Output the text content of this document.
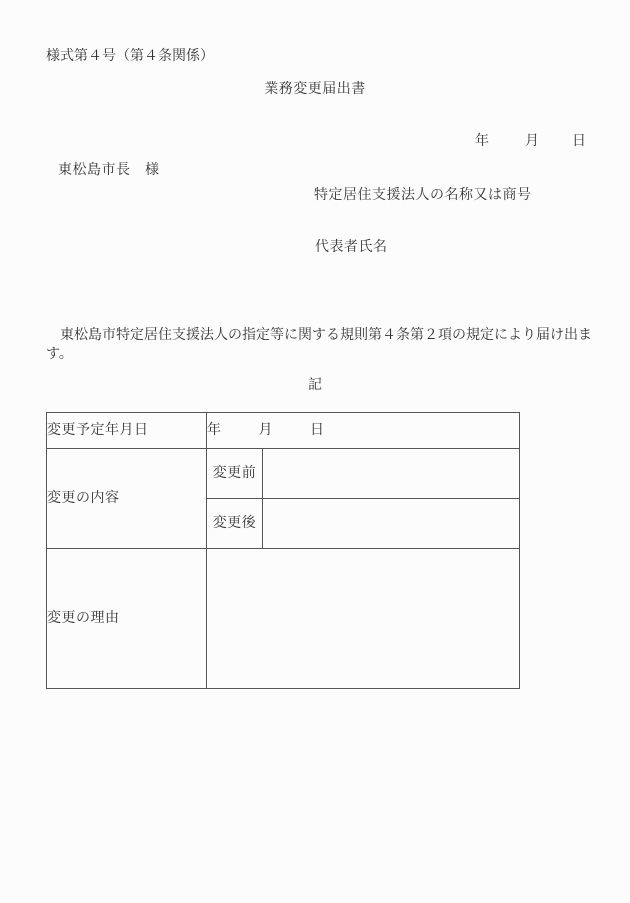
様式第４号（第４条関係）
業務変更届出書
年	月 日
東松島市長　様
特定居住支援法人の名称又は商号
代表者氏名
東松島市特定居住支援法人の指定等に関する規則第４条第２項の規定により届け出ま
す。
記
変更予定年月日	年 月 日	
変更の内容	変更前	
	変更後	
変更の理由		
